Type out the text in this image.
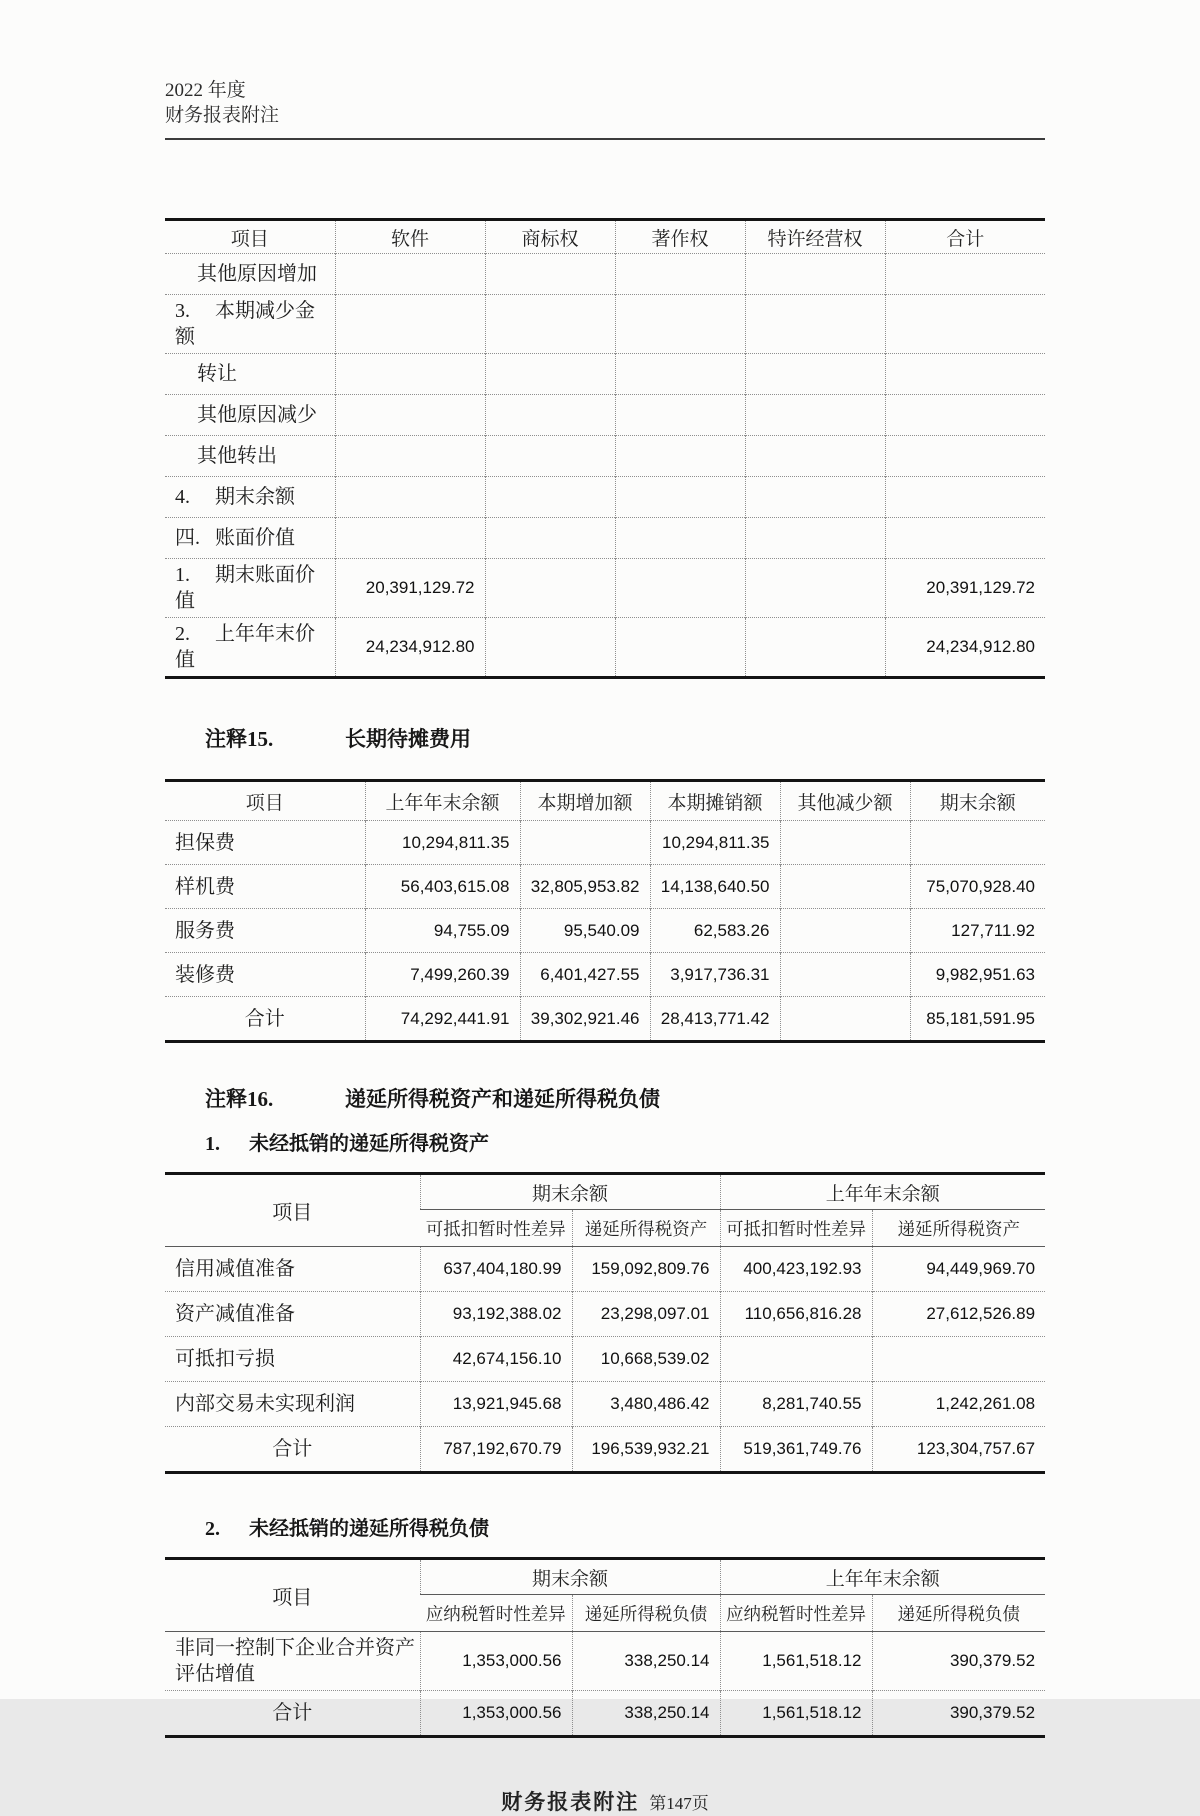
2022 年度
财务报表附注
项目	软件	商标权	著作权	特许经营权	合计
其他原因增加					

3. 本期减少金额					
转让					
其他原因减少					
其他转出					

4. 期末余额					

四. 账面价值					

1. 期末账面价值	20,391,129.72				20,391,129.72

2. 上年年末价值	24,234,912.80				24,234,912.80
注释15.	长期待摊费用
项目	上年年末余额	本期增加额	本期摊销额	其他减少额	期末余额
担保费	10,294,811.35		10,294,811.35		
样机费	56,403,615.08	32,805,953.82	14,138,640.50		75,070,928.40
服务费	94,755.09	95,540.09	62,583.26		127,711.92
装修费	7,499,260.39	6,401,427.55	3,917,736.31		9,982,951.63
合计	74,292,441.91	39,302,921.46	28,413,771.42		85,181,591.95
注释16.	递延所得税资产和递延所得税负债
1. 未经抵销的递延所得税资产
项目	期末余额		上年年末余额	
	可抵扣暂时性差异	递延所得税资产	可抵扣暂时性差异	递延所得税资产
信用减值准备	637,404,180.99	159,092,809.76	400,423,192.93	94,449,969.70
资产减值准备	93,192,388.02	23,298,097.01	110,656,816.28	27,612,526.89
可抵扣亏损	42,674,156.10	10,668,539.02		
内部交易未实现利润	13,921,945.68	3,480,486.42	8,281,740.55	1,242,261.08
合计	787,192,670.79	196,539,932.21	519,361,749.76	123,304,757.67
2. 未经抵销的递延所得税负债
项目	期末余额		上年年末余额	
	应纳税暂时性差异	递延所得税负债	应纳税暂时性差异	递延所得税负债
非同一控制下企业合并资产评估增值	1,353,000.56	338,250.14	1,561,518.12	390,379.52
合计	1,353,000.56	338,250.14	1,561,518.12	390,379.52
财务报表附注 第147页
